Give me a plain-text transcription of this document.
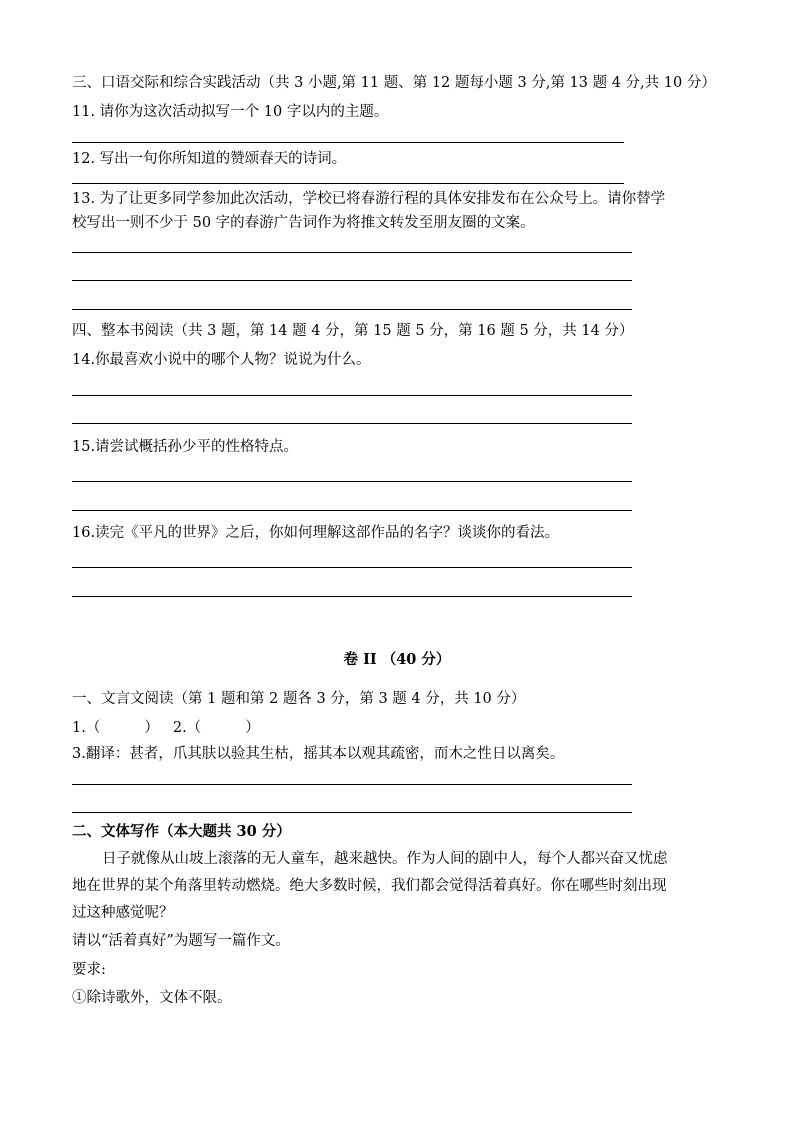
三、口语交际和综合实践活动（共 3 小题,第 11 题、第 12 题每小题 3 分,第 13 题 4 分,共 10 分）
11. 请你为这次活动拟写一个 10 字以内的主题。
12. 写出一句你所知道的赞颂春天的诗词。
13. 为了让更多同学参加此次活动，学校已将春游行程的具体安排发布在公众号上。请你替学
校写出一则不少于 50 字的春游广告词作为将推文转发至朋友圈的文案。
四、整本书阅读（共 3 题，第 14 题 4 分，第 15 题 5 分，第 16 题 5 分，共 14 分）
14.你最喜欢小说中的哪个人物？说说为什么。
15.请尝试概括孙少平的性格特点。
16.读完《平凡的世界》之后，你如何理解这部作品的名字？谈谈你的看法。
卷 II （40 分）
一、文言文阅读（第 1 题和第 2 题各 3 分，第 3 题 4 分，共 10 分）
1.（	） 2.（	）
3.翻译：甚者，爪其肤以验其生枯，摇其本以观其疏密，而木之性日以离矣。
二、文体写作（本大题共 30 分）
日子就像从山坡上滚落的无人童车，越来越快。作为人间的剧中人，每个人都兴奋又忧虑
地在世界的某个角落里转动燃烧。绝大多数时候，我们都会觉得活着真好。你在哪些时刻出现
过这种感觉呢？
请以“活着真好”为题写一篇作文。
要求:
①除诗歌外，文体不限。
